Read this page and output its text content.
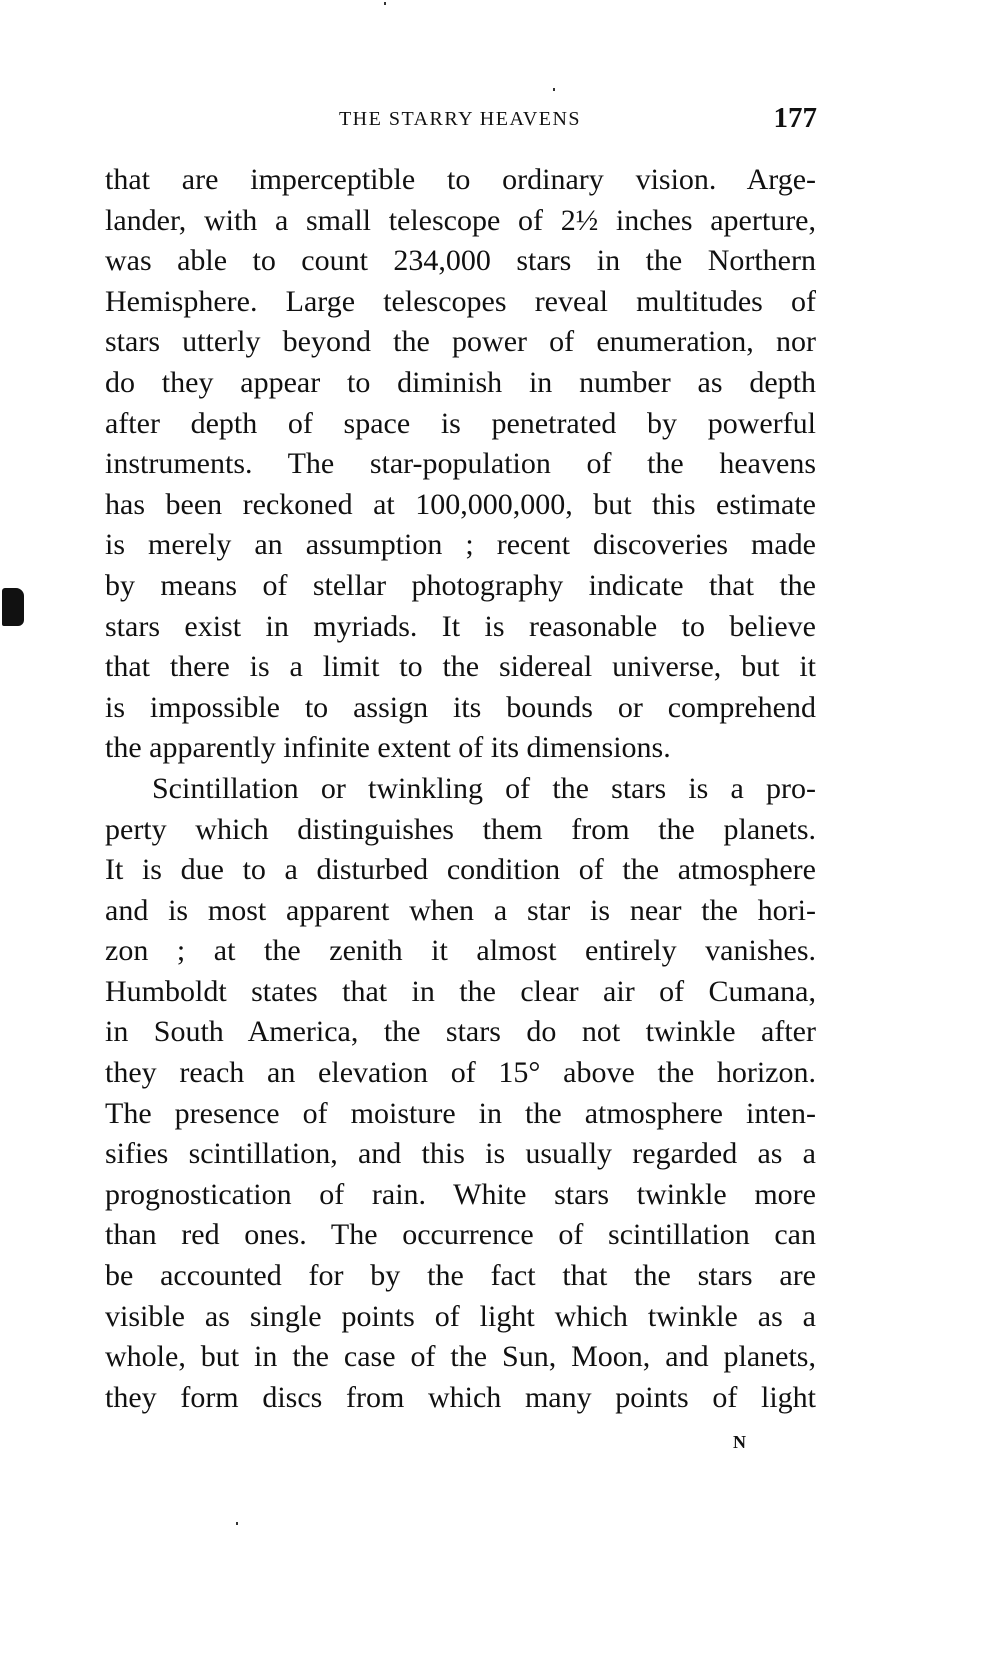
THE STARRY HEAVENS	177
that are imperceptible to ordinary vision. Arge-
lander, with a small telescope of 2½ inches aperture,
was able to count 234,000 stars in the Northern
Hemisphere. Large telescopes reveal multitudes of
stars utterly beyond the power of enumeration, nor
do they appear to diminish in number as depth
after depth of space is penetrated by powerful
instruments. The star-population of the heavens
has been reckoned at 100,000,000, but this estimate
is merely an assumption ; recent discoveries made
by means of stellar photography indicate that the
stars exist in myriads. It is reasonable to believe
that there is a limit to the sidereal universe, but it
is impossible to assign its bounds or comprehend
the apparently infinite extent of its dimensions.
Scintillation or twinkling of the stars is a pro-
perty which distinguishes them from the planets.
It is due to a disturbed condition of the atmosphere
and is most apparent when a star is near the hori-
zon ; at the zenith it almost entirely vanishes.
Humboldt states that in the clear air of Cumana,
in South America, the stars do not twinkle after
they reach an elevation of 15° above the horizon.
The presence of moisture in the atmosphere inten-
sifies scintillation, and this is usually regarded as a
prognostication of rain. White stars twinkle more
than red ones. The occurrence of scintillation can
be accounted for by the fact that the stars are
visible as single points of light which twinkle as a
whole, but in the case of the Sun, Moon, and planets,
they form discs from which many points of light
N
